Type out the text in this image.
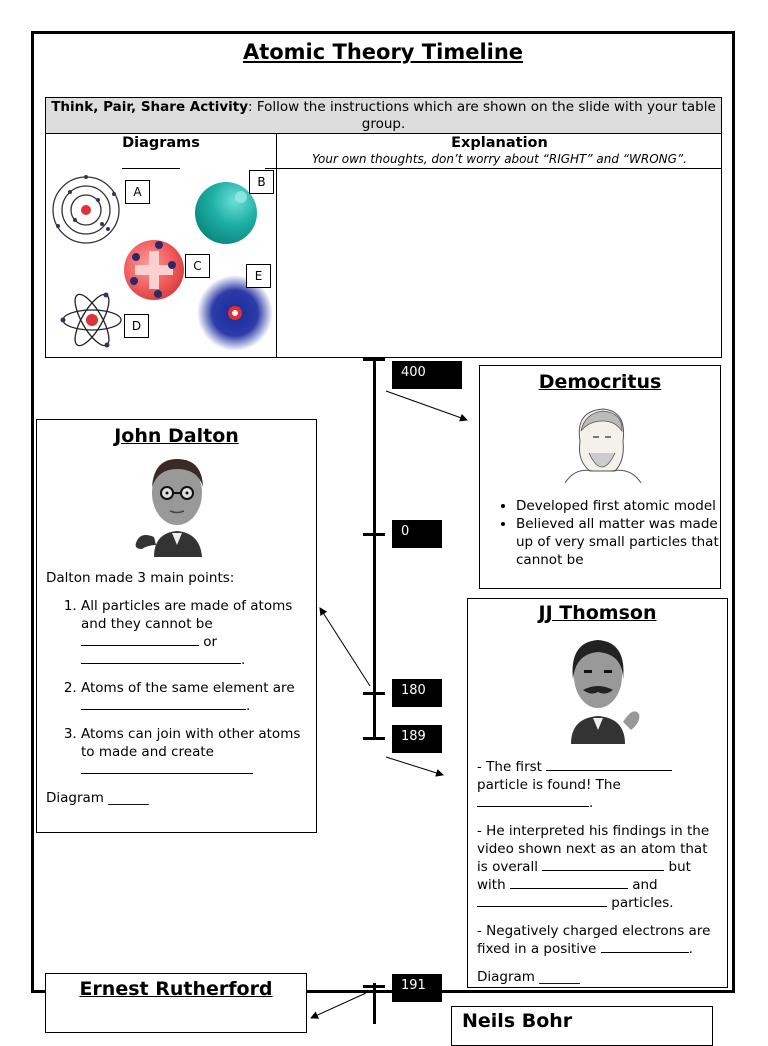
Atomic Theory Timeline
Think, Pair, Share Activity: Follow the instructions which are shown on the slide with your table group.
Diagrams	Explanation
Your own thoughts, don’t worry about “RIGHT” and “WRONG”.
A
B
C
D
E
400
0
180
189
191
Democritus
• Developed first atomic model
• Believed all matter was made up of very small particles that cannot be
John Dalton
Dalton made 3 main points:
1. All particles are made of atoms and they cannot be
or
.
2. Atoms of the same element are .
3. Atoms can join with other atoms to made and create

Diagram ______
JJ Thomson

- The first  particle is found! The
.

- He interpreted his findings in the video shown next as an atom that is overall	but with	and
particles.

- Negatively charged electrons are fixed in a positive	.

Diagram ______
Ernest Rutherford
Neils Bohr
